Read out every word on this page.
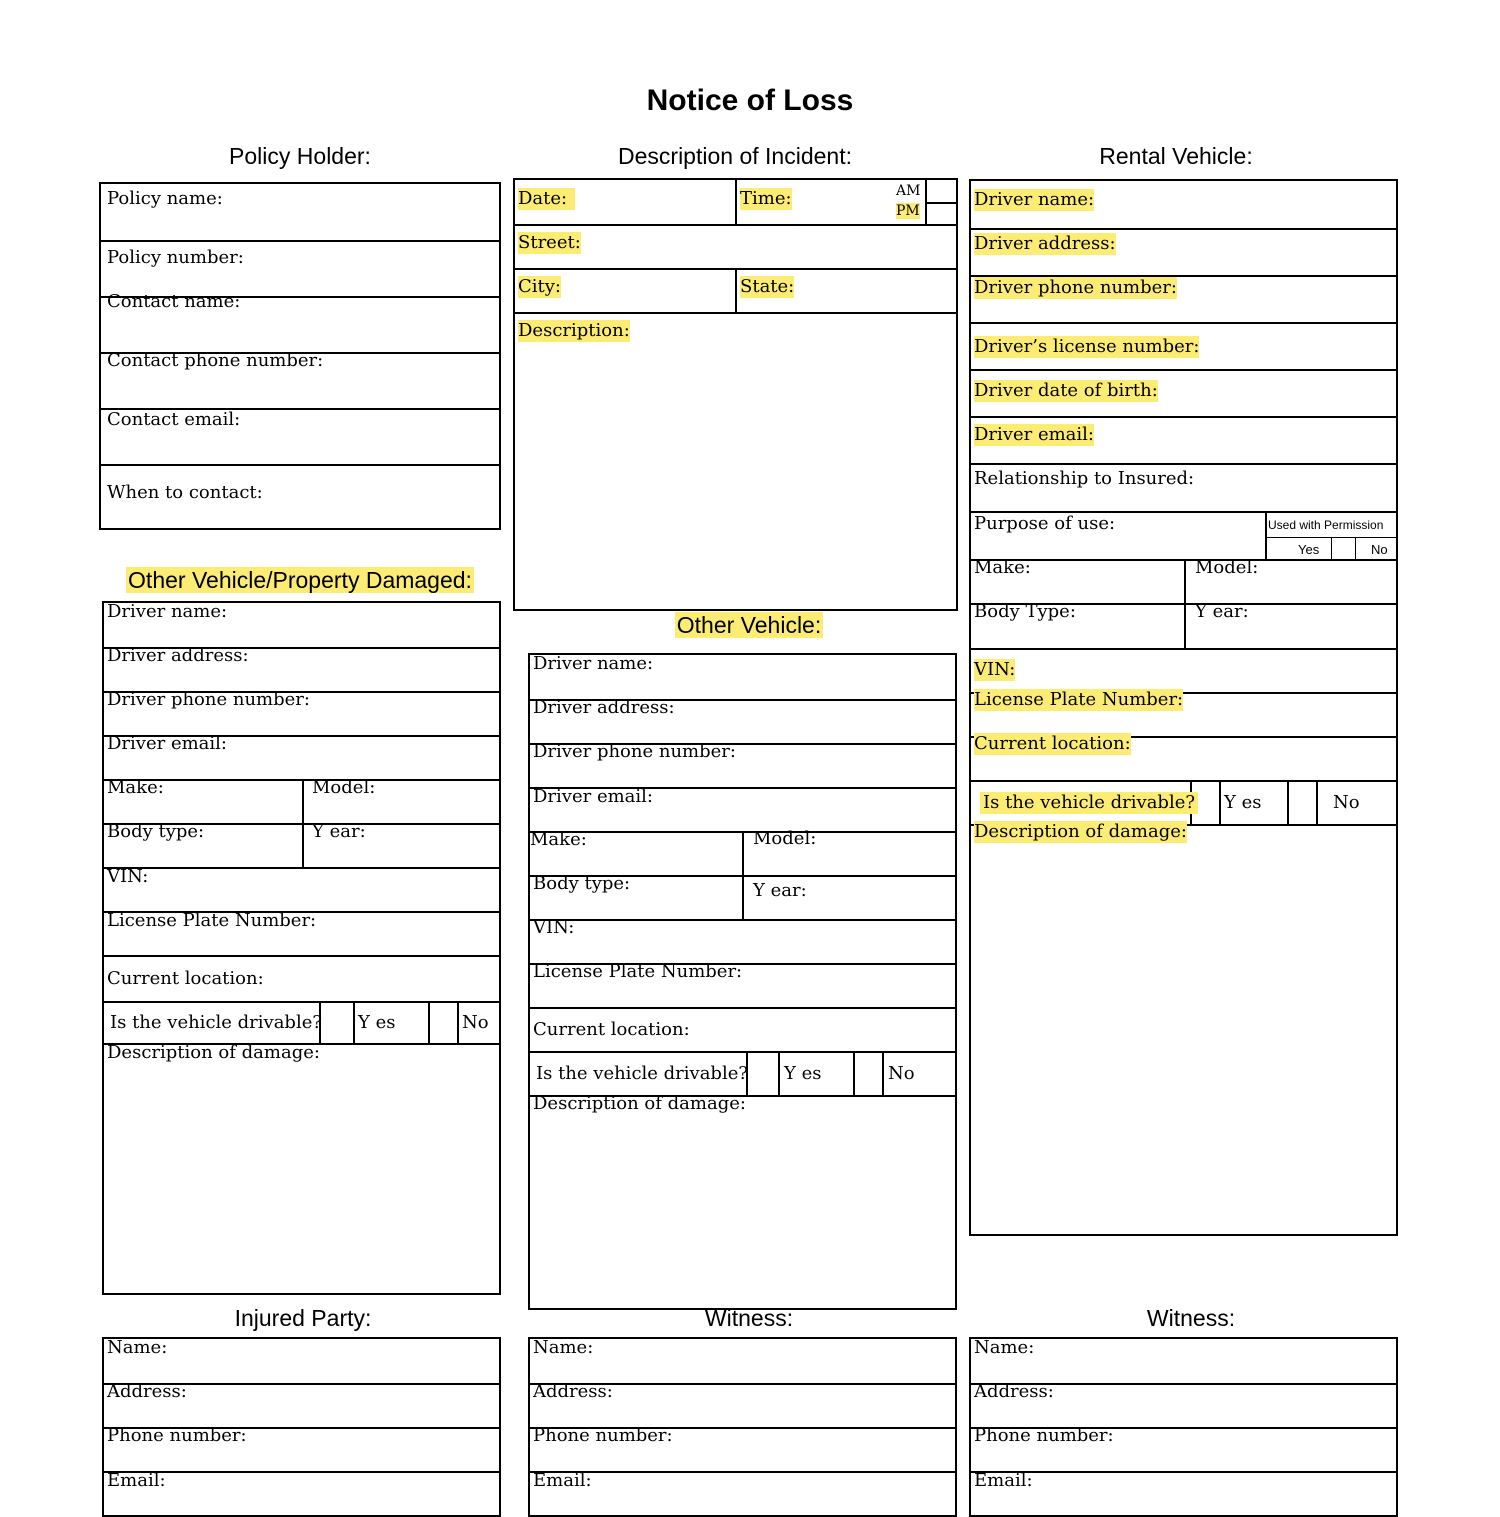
Notice of Loss
Policy Holder:
Policy name:
Policy number:
Contact name:
Contact phone number:
Contact email:
When to contact:
Description of Incident:
Date:	Time:	AM
PM
Street:
City:	State:
Description:
Rental Vehicle:
Driver name:
Driver address:
Driver phone number:
Driver’s license number:
Driver date of birth:
Driver email:
Relationship to Insured:
Purpose of use:	Used with Permission
Yes	No
Make:	Model:
Body Type:	Y ear:
VIN:
License Plate Number:
Current location:
Is the vehicle drivable? Y es	No
Description of damage:
Other Vehicle/Property Damaged:
Driver name:
Driver address:
Driver phone number:
Driver email:
Make:	Model:
Body type:	Y ear:
VIN:
License Plate Number:
Current location:
Is the vehicle drivable? Y es	No
Description of damage:
Other Vehicle:
Driver name:
Driver address:
Driver phone number:
Driver email:
Make:	Model:
Body type:	Y ear:
VIN:
License Plate Number:
Current location:
Is the vehicle drivable? Y es	No
Description of damage:
Injured Party:
Name:
Address:
Phone number:
Email:
Witness:
Name:
Address:
Phone number:
Email:
Witness:
Name:
Address:
Phone number:
Email:
